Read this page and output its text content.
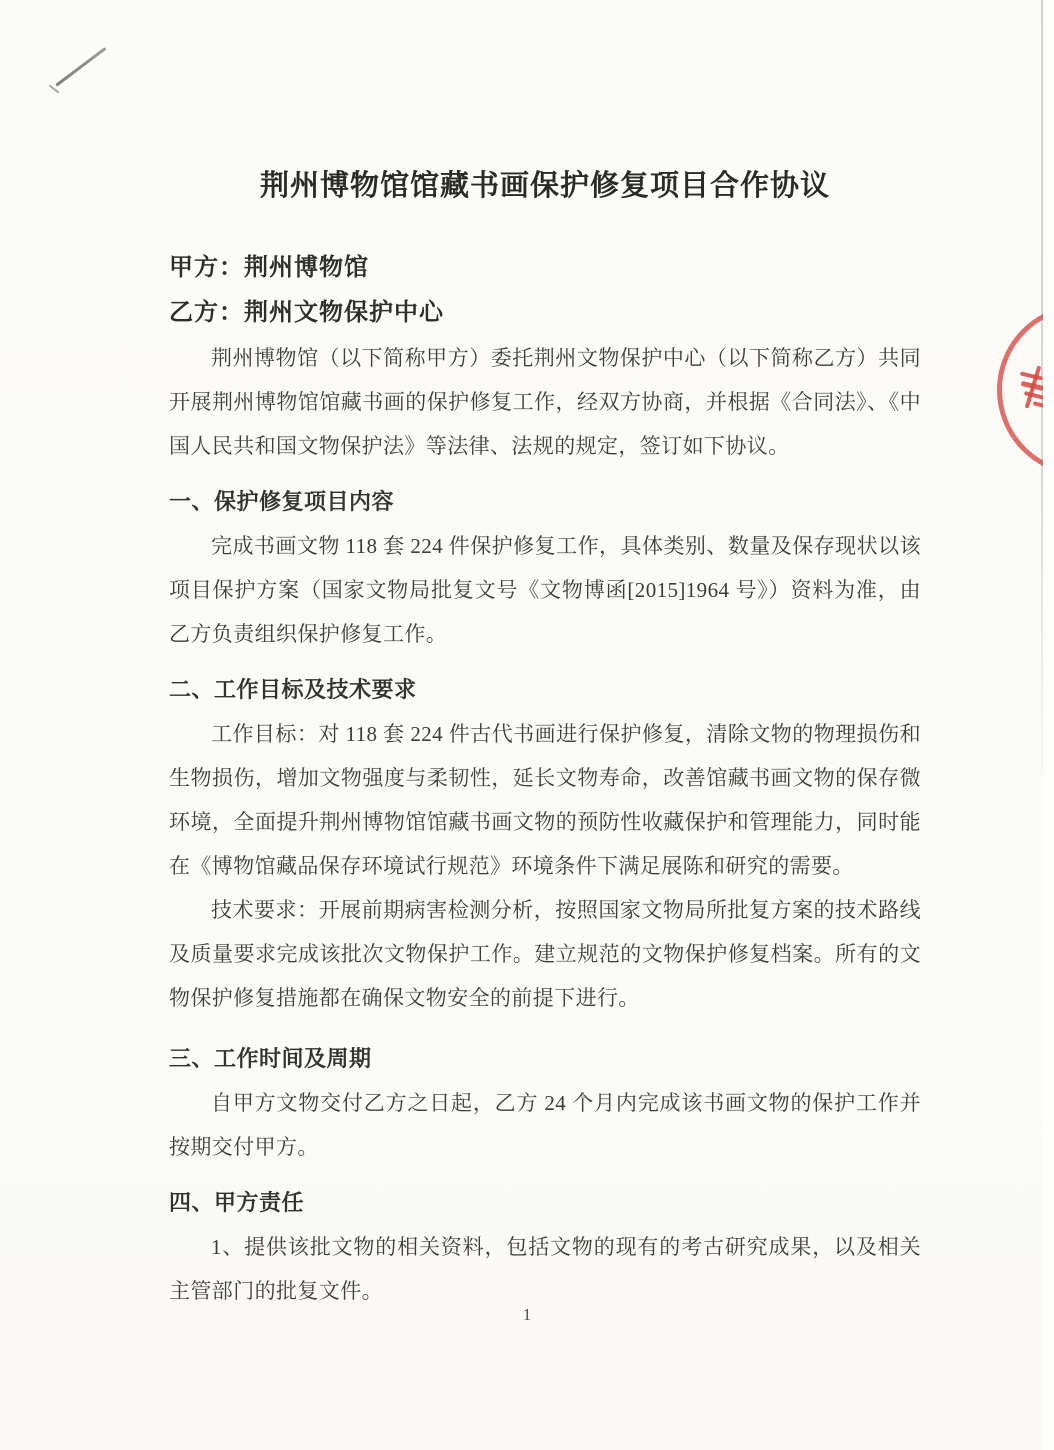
荆州博物馆馆藏书画保护修复项目合作协议

甲方：荆州博物馆

乙方：荆州文物保护中心

荆州博物馆（以下简称甲方）委托荆州文物保护中心（以下简称乙方）共同开展荆州博物馆馆藏书画的保护修复工作，经双方协商，并根据《合同法》、《中国人民共和国文物保护法》等法律、法规的规定，签订如下协议。

一、保护修复项目内容

完成书画文物 118 套 224 件保护修复工作，具体类别、数量及保存现状以该项目保护方案（国家文物局批复文号《文物博函[2015]1964 号》）资料为准，由乙方负责组织保护修复工作。

二、工作目标及技术要求

工作目标：对 118 套 224 件古代书画进行保护修复，清除文物的物理损伤和生物损伤，增加文物强度与柔韧性，延长文物寿命，改善馆藏书画文物的保存微环境，全面提升荆州博物馆馆藏书画文物的预防性收藏保护和管理能力，同时能在《博物馆藏品保存环境试行规范》环境条件下满足展陈和研究的需要。

技术要求：开展前期病害检测分析，按照国家文物局所批复方案的技术路线及质量要求完成该批次文物保护工作。建立规范的文物保护修复档案。所有的文物保护修复措施都在确保文物安全的前提下进行。

三、工作时间及周期

自甲方文物交付乙方之日起，乙方 24 个月内完成该书画文物的保护工作并按期交付甲方。

四、甲方责任

1、提供该批文物的相关资料，包括文物的现有的考古研究成果，以及相关主管部门的批复文件。

1
